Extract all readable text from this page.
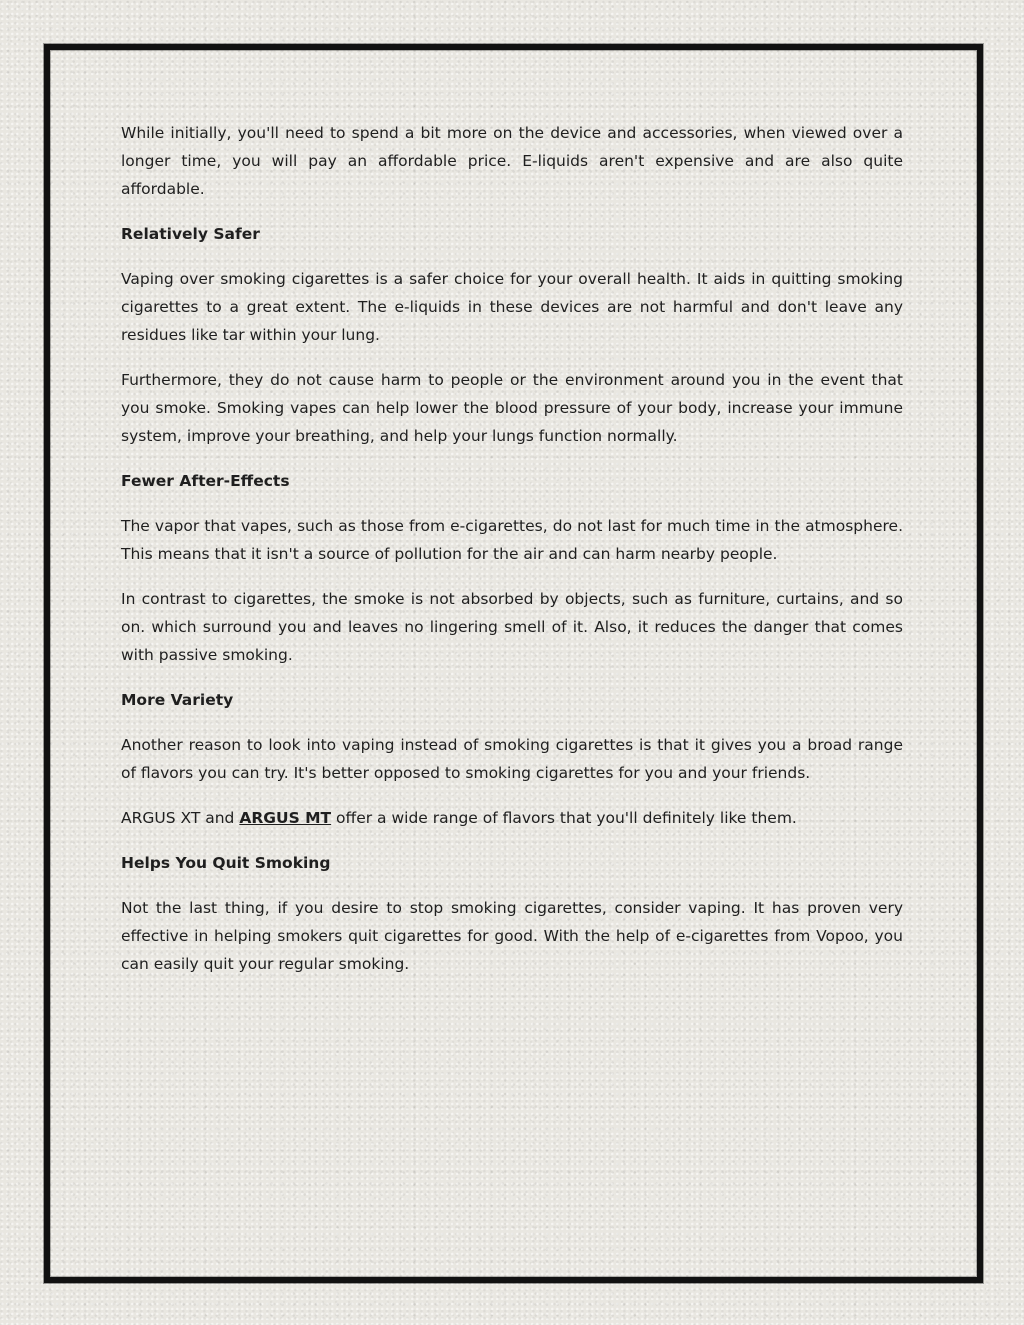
While initially, you'll need to spend a bit more on the device and accessories, when viewed over a longer time, you will pay an affordable price. E-liquids aren't expensive and are also quite affordable.

Relatively Safer

Vaping over smoking cigarettes is a safer choice for your overall health. It aids in quitting smoking cigarettes to a great extent. The e-liquids in these devices are not harmful and don't leave any residues like tar within your lung.

Furthermore, they do not cause harm to people or the environment around you in the event that you smoke. Smoking vapes can help lower the blood pressure of your body, increase your immune system, improve your breathing, and help your lungs function normally.

Fewer After-Effects

The vapor that vapes, such as those from e-cigarettes, do not last for much time in the atmosphere. This means that it isn't a source of pollution for the air and can harm nearby people.

In contrast to cigarettes, the smoke is not absorbed by objects, such as furniture, curtains, and so on. which surround you and leaves no lingering smell of it. Also, it reduces the danger that comes with passive smoking.

More Variety

Another reason to look into vaping instead of smoking cigarettes is that it gives you a broad range of flavors you can try. It's better opposed to smoking cigarettes for you and your friends.

ARGUS XT and ARGUS MT offer a wide range of flavors that you'll definitely like them.

Helps You Quit Smoking

Not the last thing, if you desire to stop smoking cigarettes, consider vaping. It has proven very effective in helping smokers quit cigarettes for good. With the help of e-cigarettes from Vopoo, you can easily quit your regular smoking.
